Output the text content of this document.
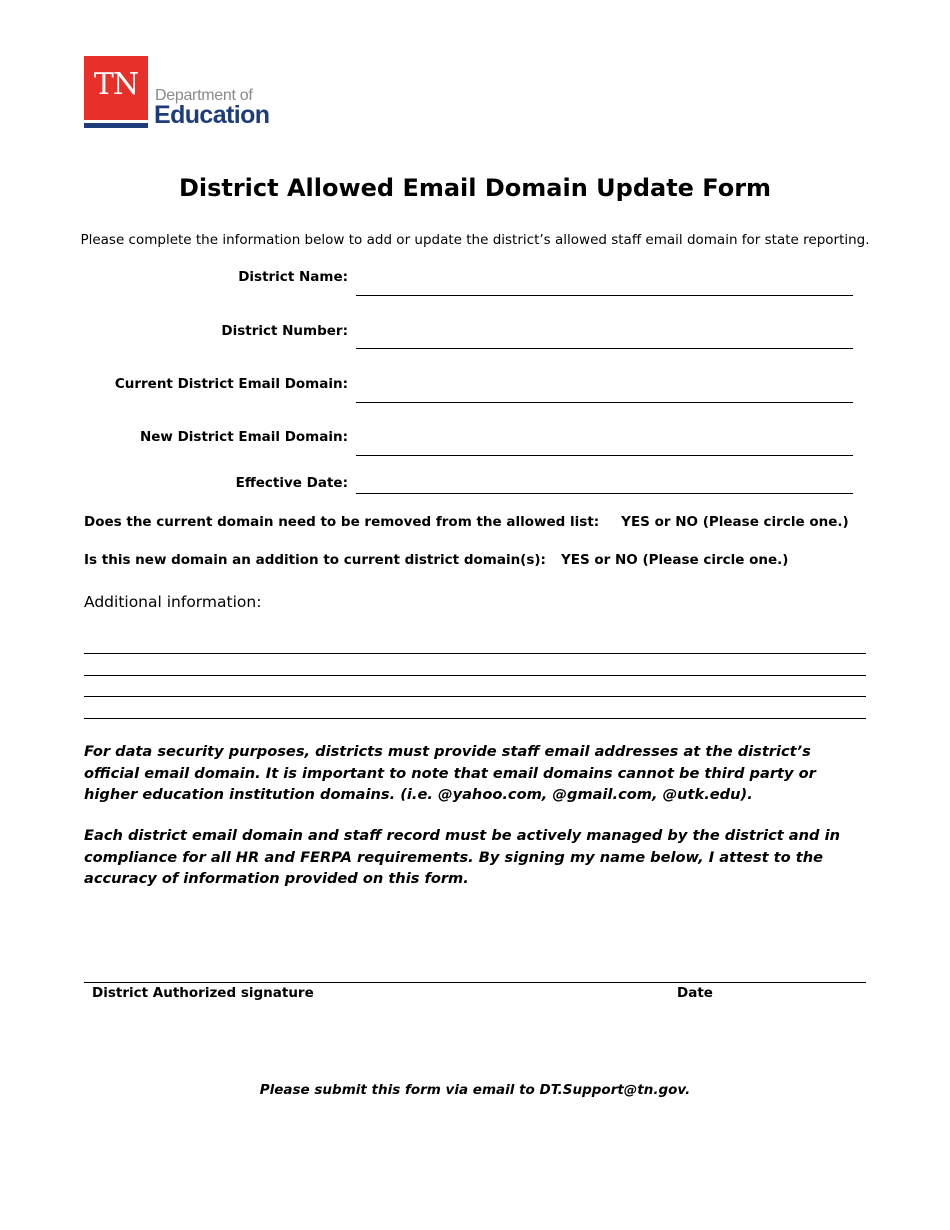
TN	Department of
Education
District Allowed Email Domain Update Form
Please complete the information below to add or update the district’s allowed staff email domain for state reporting.
District Name:
District Number:
Current District Email Domain:
New District Email Domain:
Effective Date:
Does the current domain need to be removed from the allowed list: YES or NO (Please circle one.)
Is this new domain an addition to current district domain(s): YES or NO (Please circle one.)
Additional information:
For data security purposes, districts must provide staff email addresses at the district’s official email domain. It is important to note that email domains cannot be third party or higher education institution domains. (i.e. @yahoo.com, @gmail.com, @utk.edu).
Each district email domain and staff record must be actively managed by the district and in compliance for all HR and FERPA requirements. By signing my name below, I attest to the accuracy of information provided on this form.
District Authorized signature	Date
Please submit this form via email to DT.Support@tn.gov.
